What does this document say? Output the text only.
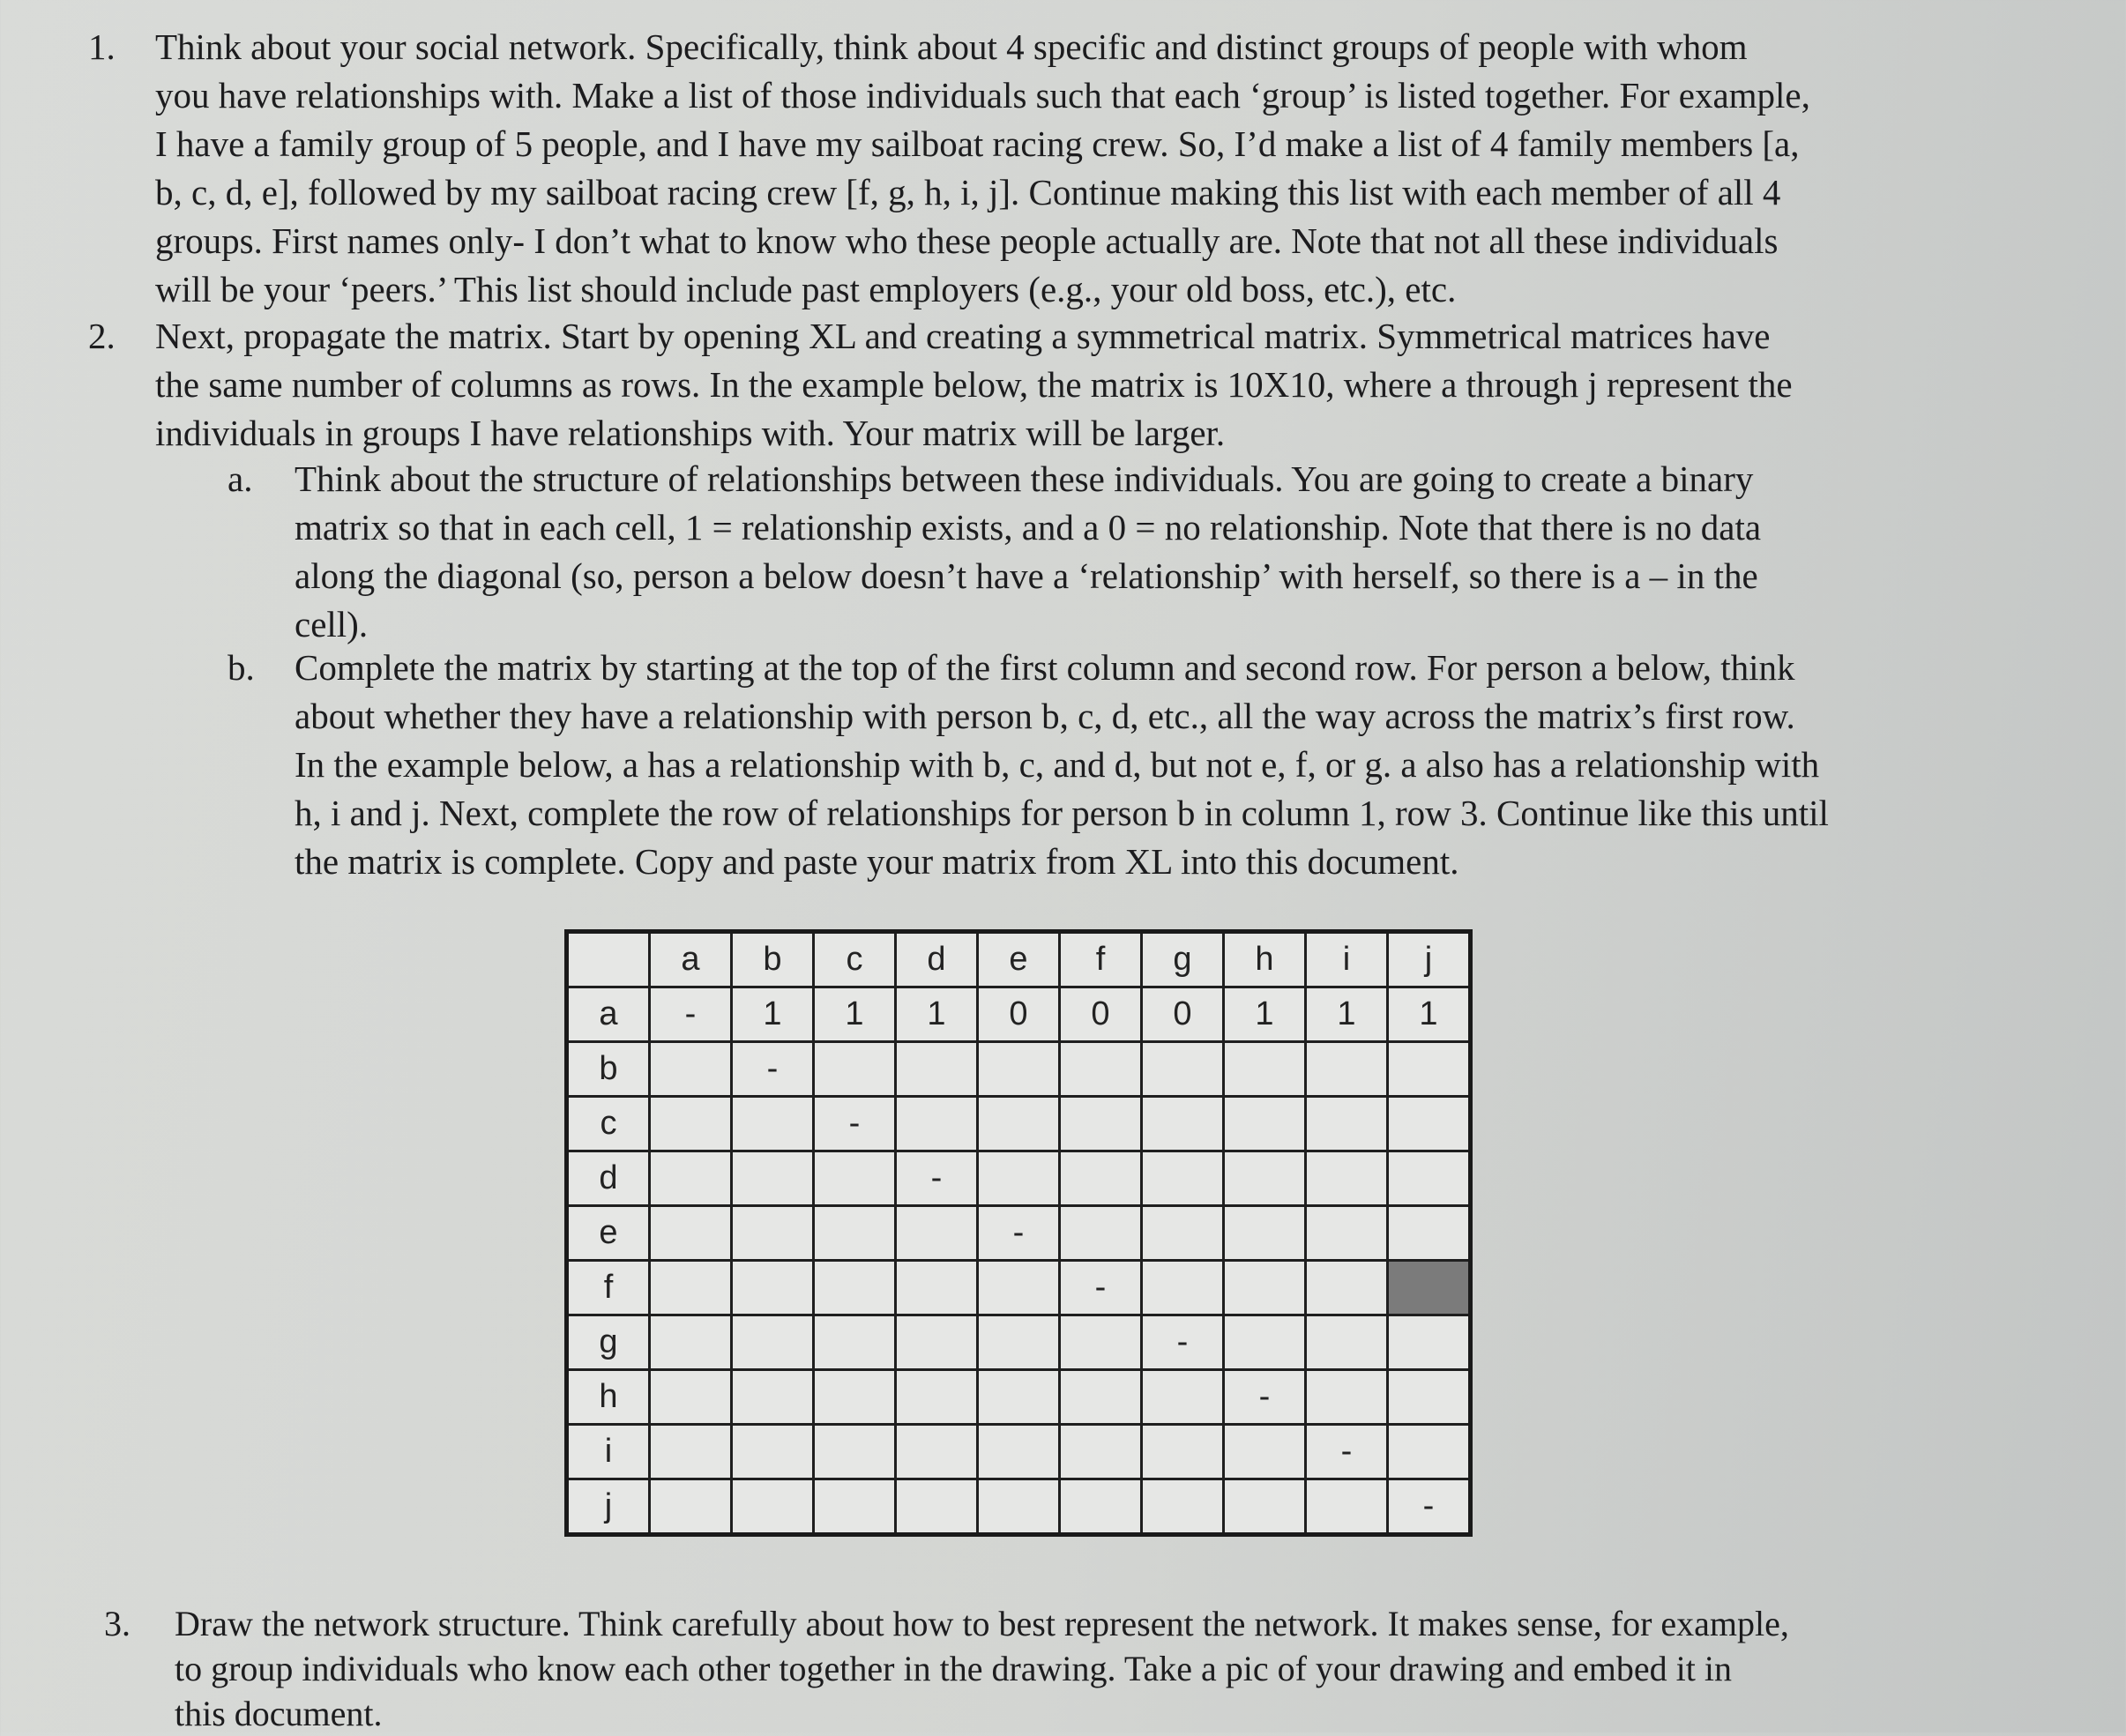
1. Think about your social network. Specifically, think about 4 specific and distinct groups of people with whom

you have relationships with. Make a list of those individuals such that each ‘group’ is listed together. For example,

I have a family group of 5 people, and I have my sailboat racing crew. So, I’d make a list of 4 family members [a,

b, c, d, e], followed by my sailboat racing crew [f, g, h, i, j]. Continue making this list with each member of all 4

groups. First names only- I don’t what to know who these people actually are. Note that not all these individuals

will be your ‘peers.’ This list should include past employers (e.g., your old boss, etc.), etc.

2. Next, propagate the matrix. Start by opening XL and creating a symmetrical matrix. Symmetrical matrices have

the same number of columns as rows. In the example below, the matrix is 10X10, where a through j represent the

individuals in groups I have relationships with. Your matrix will be larger.

a. Think about the structure of relationships between these individuals. You are going to create a binary

matrix so that in each cell, 1 = relationship exists, and a 0 = no relationship. Note that there is no data

along the diagonal (so, person a below doesn’t have a ‘relationship’ with herself, so there is a – in the

cell).

b. Complete the matrix by starting at the top of the first column and second row. For person a below, think

about whether they have a relationship with person b, c, d, etc., all the way across the matrix’s first row.

In the example below, a has a relationship with b, c, and d, but not e, f, or g. a also has a relationship with

h, i and j. Next, complete the row of relationships for person b in column 1, row 3. Continue like this until

the matrix is complete. Copy and paste your matrix from XL into this document.

	a	b	c	d	e	f	g	h	i	j
a	-	1	1	1	0	0	0	1	1	1
b		-								
c			-							
d				-						
e					-					
f						-				
g							-			
h								-		
i									-	
j										-
3. Draw the network structure. Think carefully about how to best represent the network. It makes sense, for example,

to group individuals who know each other together in the drawing. Take a pic of your drawing and embed it in

this document.
